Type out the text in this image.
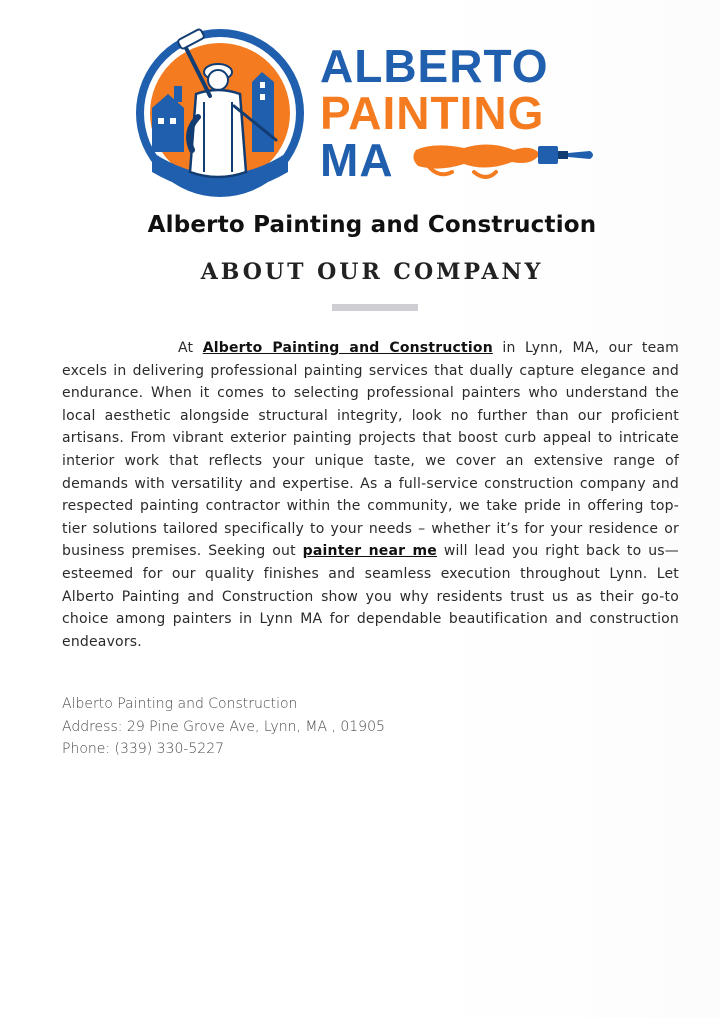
ALBERTO
PAINTING
MA
Alberto Painting and Construction
ABOUT OUR COMPANY
At Alberto Painting and Construction in Lynn, MA, our team excels in delivering professional painting services that dually capture elegance and endurance. When it comes to selecting professional painters who understand the local aesthetic alongside structural integrity, look no further than our proficient artisans. From vibrant exterior painting projects that boost curb appeal to intricate interior work that reflects your unique taste, we cover an extensive range of demands with versatility and expertise. As a full-service construction company and respected painting contractor within the community, we take pride in offering top-tier solutions tailored specifically to your needs – whether it’s for your residence or business premises. Seeking out painter near me will lead you right back to us—esteemed for our quality finishes and seamless execution throughout Lynn. Let Alberto Painting and Construction show you why residents trust us as their go-to choice among painters in Lynn MA for dependable beautification and construction endeavors.
Alberto Painting and Construction
Address: 29 Pine Grove Ave, Lynn, MA , 01905
Phone: (339) 330-5227
